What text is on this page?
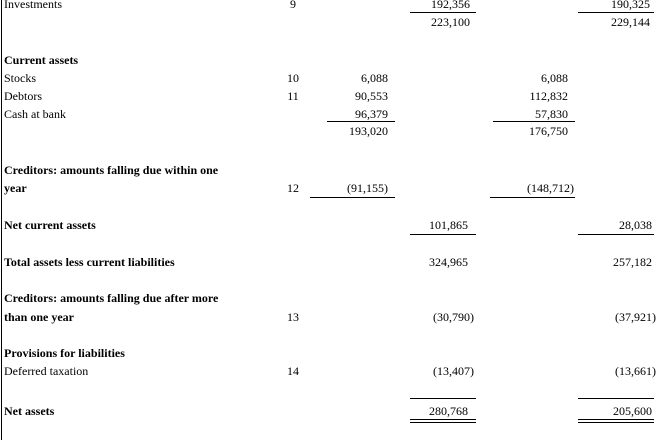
Investments	9	192,356	190,325
223,100	229,144
Current assets
Stocks	10	6,088	6,088
Debtors	11	90,553	112,832
Cash at bank	96,379	57,830
193,020	176,750
Creditors: amounts falling due within one
year	12	(91,155)	(148,712)
Net current assets	101,865	28,038
Total assets less current liabilities	324,965	257,182
Creditors: amounts falling due after more
than one year	13	(30,790)	(37,921)
Provisions for liabilities
Deferred taxation	14	(13,407)	(13,661)
Net assets	280,768	205,600
